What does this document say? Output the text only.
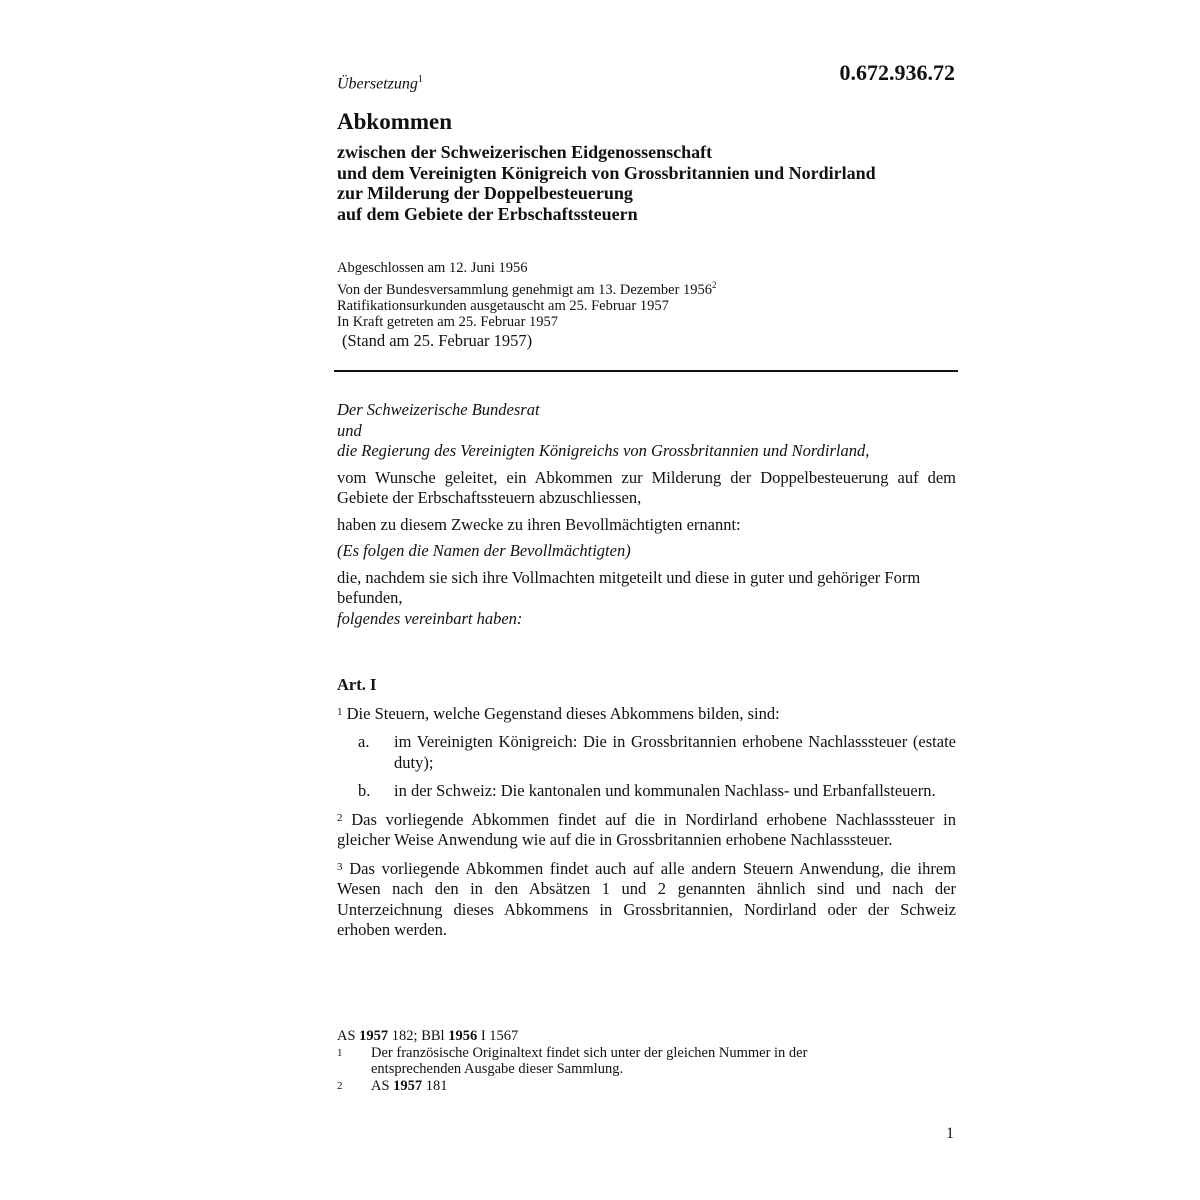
Übersetzung$^1$	0.672.936.72
Abkommen
zwischen der Schweizerischen Eidgenossenschaft
und dem Vereinigten Königreich von Grossbritannien und Nordirland
zur Milderung der Doppelbesteuerung
auf dem Gebiete der Erbschaftssteuern
Abgeschlossen am 12. Juni 1956
Von der Bundesversammlung genehmigt am 13. Dezember 1956$^2$
Ratifikationsurkunden ausgetauscht am 25. Februar 1957
In Kraft getreten am 25. Februar 1957
(Stand am 25. Februar 1957)

Der Schweizerische Bundesrat

und

die Regierung des Vereinigten Königreichs von Grossbritannien und Nordirland,

vom Wunsche geleitet, ein Abkommen zur Milderung der Doppelbesteuerung auf dem Gebiete der Erbschaftssteuern abzuschliessen,

haben zu diesem Zwecke zu ihren Bevollmächtigten ernannt:

(Es folgen die Namen der Bevollmächtigten)

die, nachdem sie sich ihre Vollmachten mitgeteilt und diese in guter und gehöriger Form befunden,

folgendes vereinbart haben:

Art. I

$^1$ Die Steuern, welche Gegenstand dieses Abkommens bilden, sind:

a.	im Vereinigten Königreich: Die in Grossbritannien erhobene Nachlasssteuer (estate duty);
b.	in der Schweiz: Die kantonalen und kommunalen Nachlass- und Erbanfallsteuern.

$^2$ Das vorliegende Abkommen findet auf die in Nordirland erhobene Nachlasssteuer in gleicher Weise Anwendung wie auf die in Grossbritannien erhobene Nachlasssteuer.

$^3$ Das vorliegende Abkommen findet auch auf alle andern Steuern Anwendung, die ihrem Wesen nach den in den Absätzen 1 und 2 genannten ähnlich sind und nach der Unterzeichnung dieses Abkommens in Grossbritannien, Nordirland oder der Schweiz erhoben werden.

AS 1957 182; BBl 1956 I 1567
1	Der französische Originaltext findet sich unter der gleichen Nummer in der entsprechenden Ausgabe dieser Sammlung.
2	AS 1957 181
1
